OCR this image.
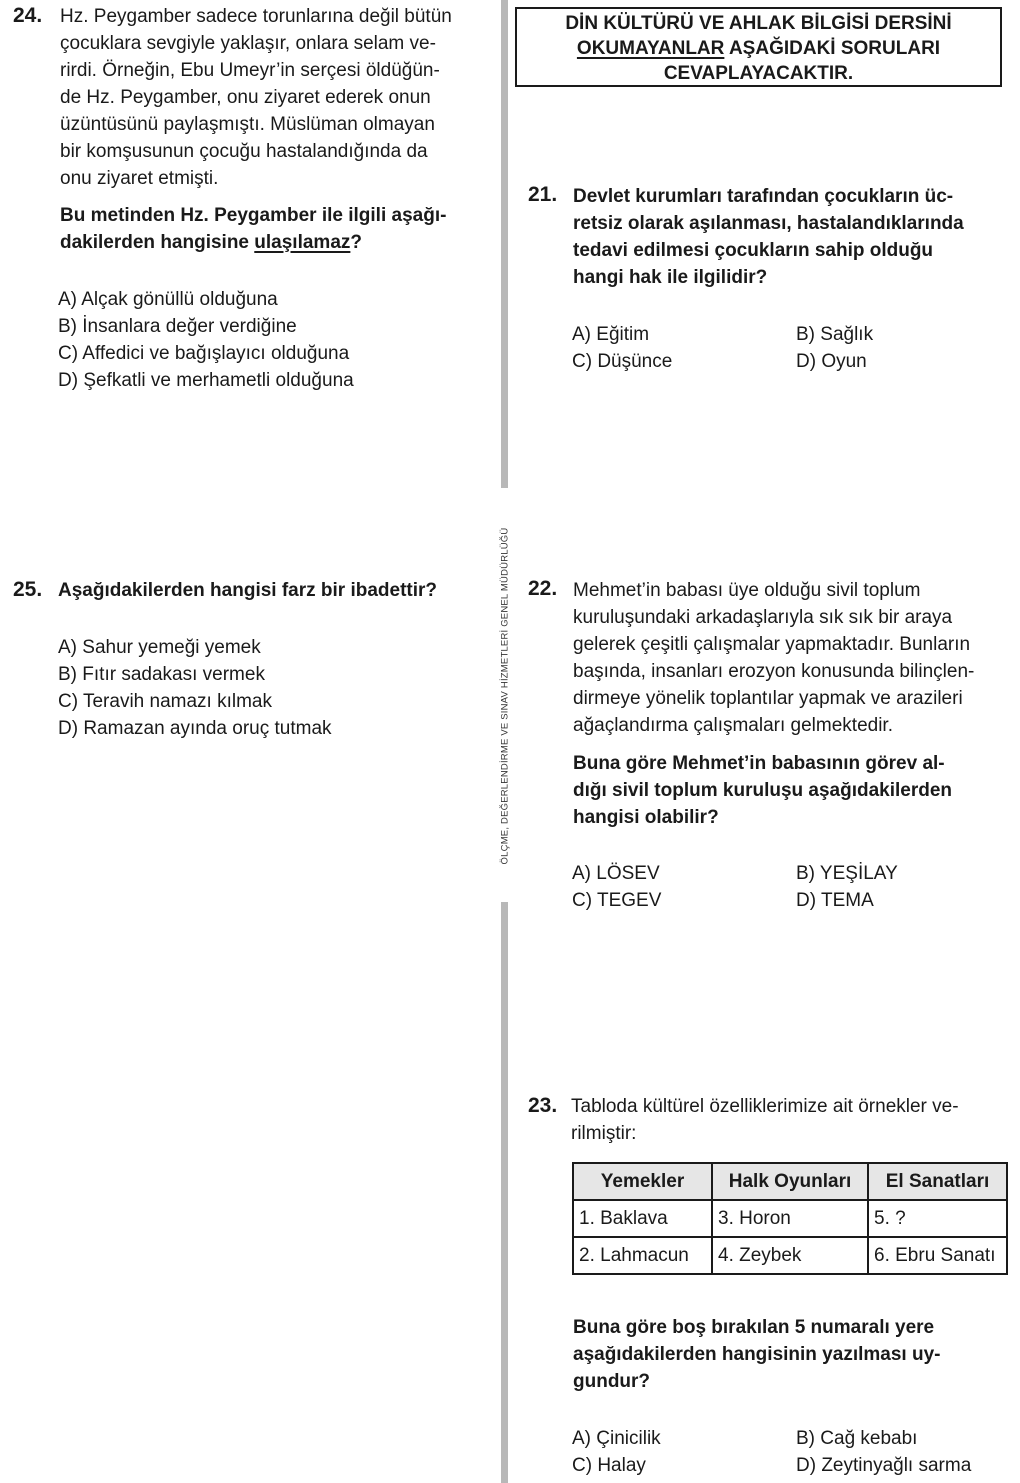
ÖLÇME, DEĞERLENDİRME VE SINAV HİZMETLERİ GENEL MÜDÜRLÜĞÜ
24. Hz. Peygamber sadece torunlarına değil bütün
çocuklara sevgiyle yaklaşır, onlara selam ve-
rirdi. Örneğin, Ebu Umeyr’in serçesi öldüğün-
de Hz. Peygamber, onu ziyaret ederek onun
üzüntüsünü paylaşmıştı. Müslüman olmayan
bir komşusunun çocuğu hastalandığında da
onu ziyaret etmişti.
Bu metinden Hz. Peygamber ile ilgili aşağı-
dakilerden hangisine ulaşılamaz?
A) Alçak gönüllü olduğuna
B) İnsanlara değer verdiğine
C) Affedici ve bağışlayıcı olduğuna
D) Şefkatli ve merhametli olduğuna
25. Aşağıdakilerden hangisi farz bir ibadettir?
A) Sahur yemeği yemek
B) Fıtır sadakası vermek
C) Teravih namazı kılmak
D) Ramazan ayında oruç tutmak
DİN KÜLTÜRÜ VE AHLAK BİLGİSİ DERSİNİ
OKUMAYANLAR AŞAĞIDAKİ SORULARI
CEVAPLAYACAKTIR.
21. Devlet kurumları tarafından çocukların üc-
retsiz olarak aşılanması, hastalandıklarında
tedavi edilmesi çocukların sahip olduğu
hangi hak ile ilgilidir?
A) Eğitim	B) Sağlık
C) Düşünce	D) Oyun
22. Mehmet’in babası üye olduğu sivil toplum
kuruluşundaki arkadaşlarıyla sık sık bir araya
gelerek çeşitli çalışmalar yapmaktadır. Bunların
başında, insanları erozyon konusunda bilinçlen-
dirmeye yönelik toplantılar yapmak ve arazileri
ağaçlandırma çalışmaları gelmektedir.
Buna göre Mehmet’in babasının görev al-
dığı sivil toplum kuruluşu aşağıdakilerden
hangisi olabilir?
A) LÖSEV	B) YEŞİLAY
C) TEGEV	D) TEMA
23. Tabloda kültürel özelliklerimize ait örnekler ve-
rilmiştir:
Yemekler	Halk Oyunları	El Sanatları
1. Baklava	3. Horon	5. ?
2. Lahmacun	4. Zeybek	6. Ebru Sanatı
Buna göre boş bırakılan 5 numaralı yere
aşağıdakilerden hangisinin yazılması uy-
gundur?
A) Çinicilik	B) Cağ kebabı
C) Halay	D) Zeytinyağlı sarma
